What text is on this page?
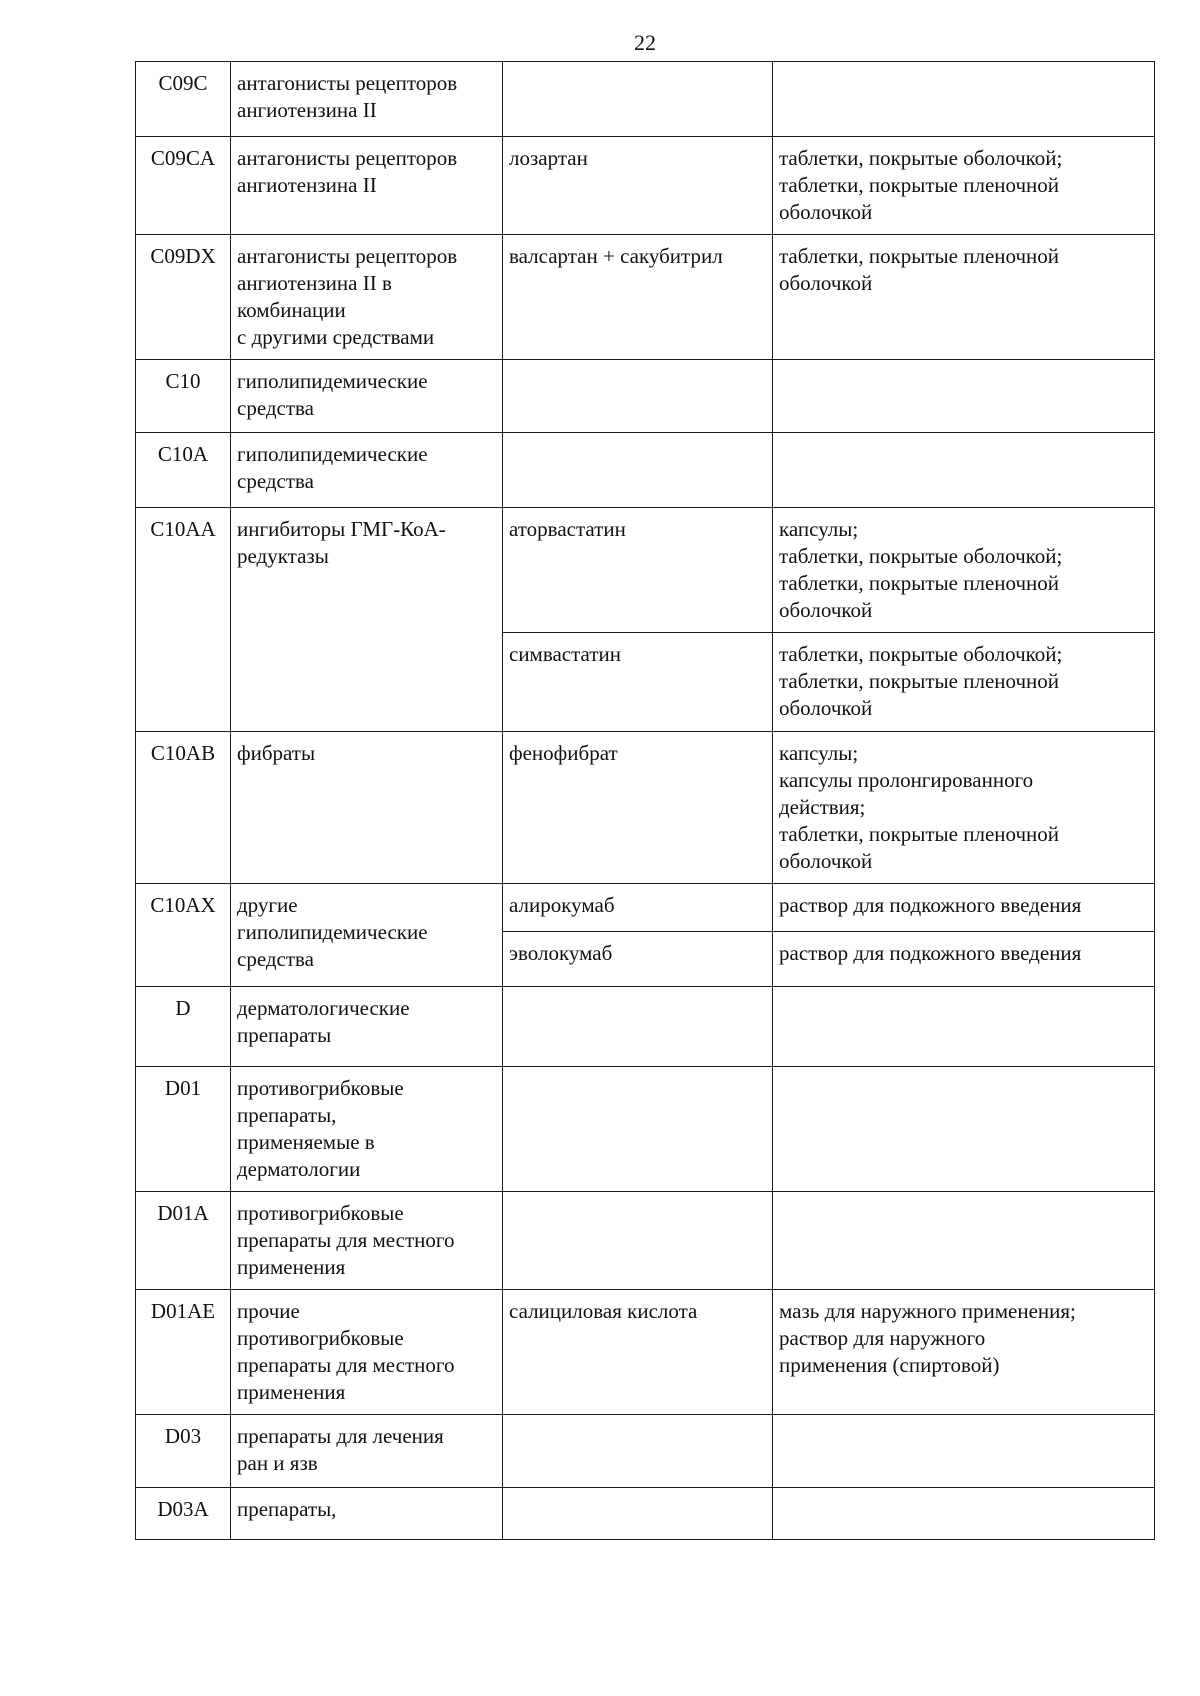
22
C09C	антагонисты рецепторов
ангиотензина II		

C09CA	антагонисты рецепторов
ангиотензина II	лозартан	таблетки, покрытые оболочкой;
таблетки, покрытые пленочной
оболочкой

C09DX	антагонисты рецепторов
ангиотензина II в
комбинации
с другими средствами	валсартан + сакубитрил	таблетки, покрытые пленочной
оболочкой

C10	гиполипидемические
средства		

C10A	гиполипидемические
средства		

C10AA	ингибиторы ГМГ-КоА-
редуктазы	аторвастатин	капсулы;
таблетки, покрытые оболочкой;
таблетки, покрытые пленочной
оболочкой

		симвастатин	таблетки, покрытые оболочкой;
таблетки, покрытые пленочной
оболочкой

C10AB	фибраты	фенофибрат	капсулы;
капсулы пролонгированного
действия;
таблетки, покрытые пленочной
оболочкой

C10AX	другие
гиполипидемические
средства	алирокумаб	раствор для подкожного введения

		эволокумаб	раствор для подкожного введения

D	дерматологические
препараты		

D01	противогрибковые
препараты,
применяемые в
дерматологии		

D01A	противогрибковые
препараты для местного
применения		

D01AE	прочие
противогрибковые
препараты для местного
применения	салициловая кислота	мазь для наружного применения;
раствор для наружного
применения (спиртовой)

D03	препараты для лечения
ран и язв		

D03A	препараты,		
